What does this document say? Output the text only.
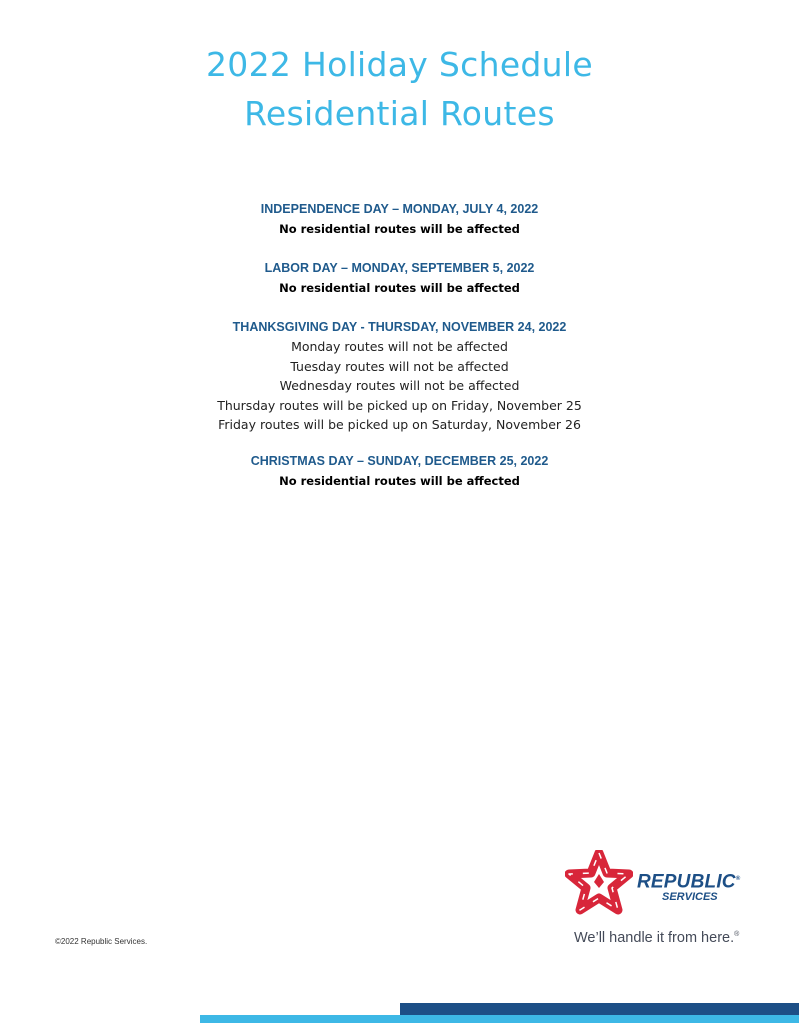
2022 Holiday Schedule
Residential Routes

INDEPENDENCE DAY – MONDAY, JULY 4, 2022

No residential routes will be affected

LABOR DAY – MONDAY, SEPTEMBER 5, 2022

No residential routes will be affected

THANKSGIVING DAY - THURSDAY, NOVEMBER 24, 2022

Monday routes will not be affected

Tuesday routes will not be affected

Wednesday routes will not be affected

Thursday routes will be picked up on Friday, November 25

Friday routes will be picked up on Saturday, November 26

CHRISTMAS DAY – SUNDAY, DECEMBER 25, 2022

No residential routes will be affected

REPUBLIC®
SERVICES
We’ll handle it from here.®
©2022 Republic Services.
